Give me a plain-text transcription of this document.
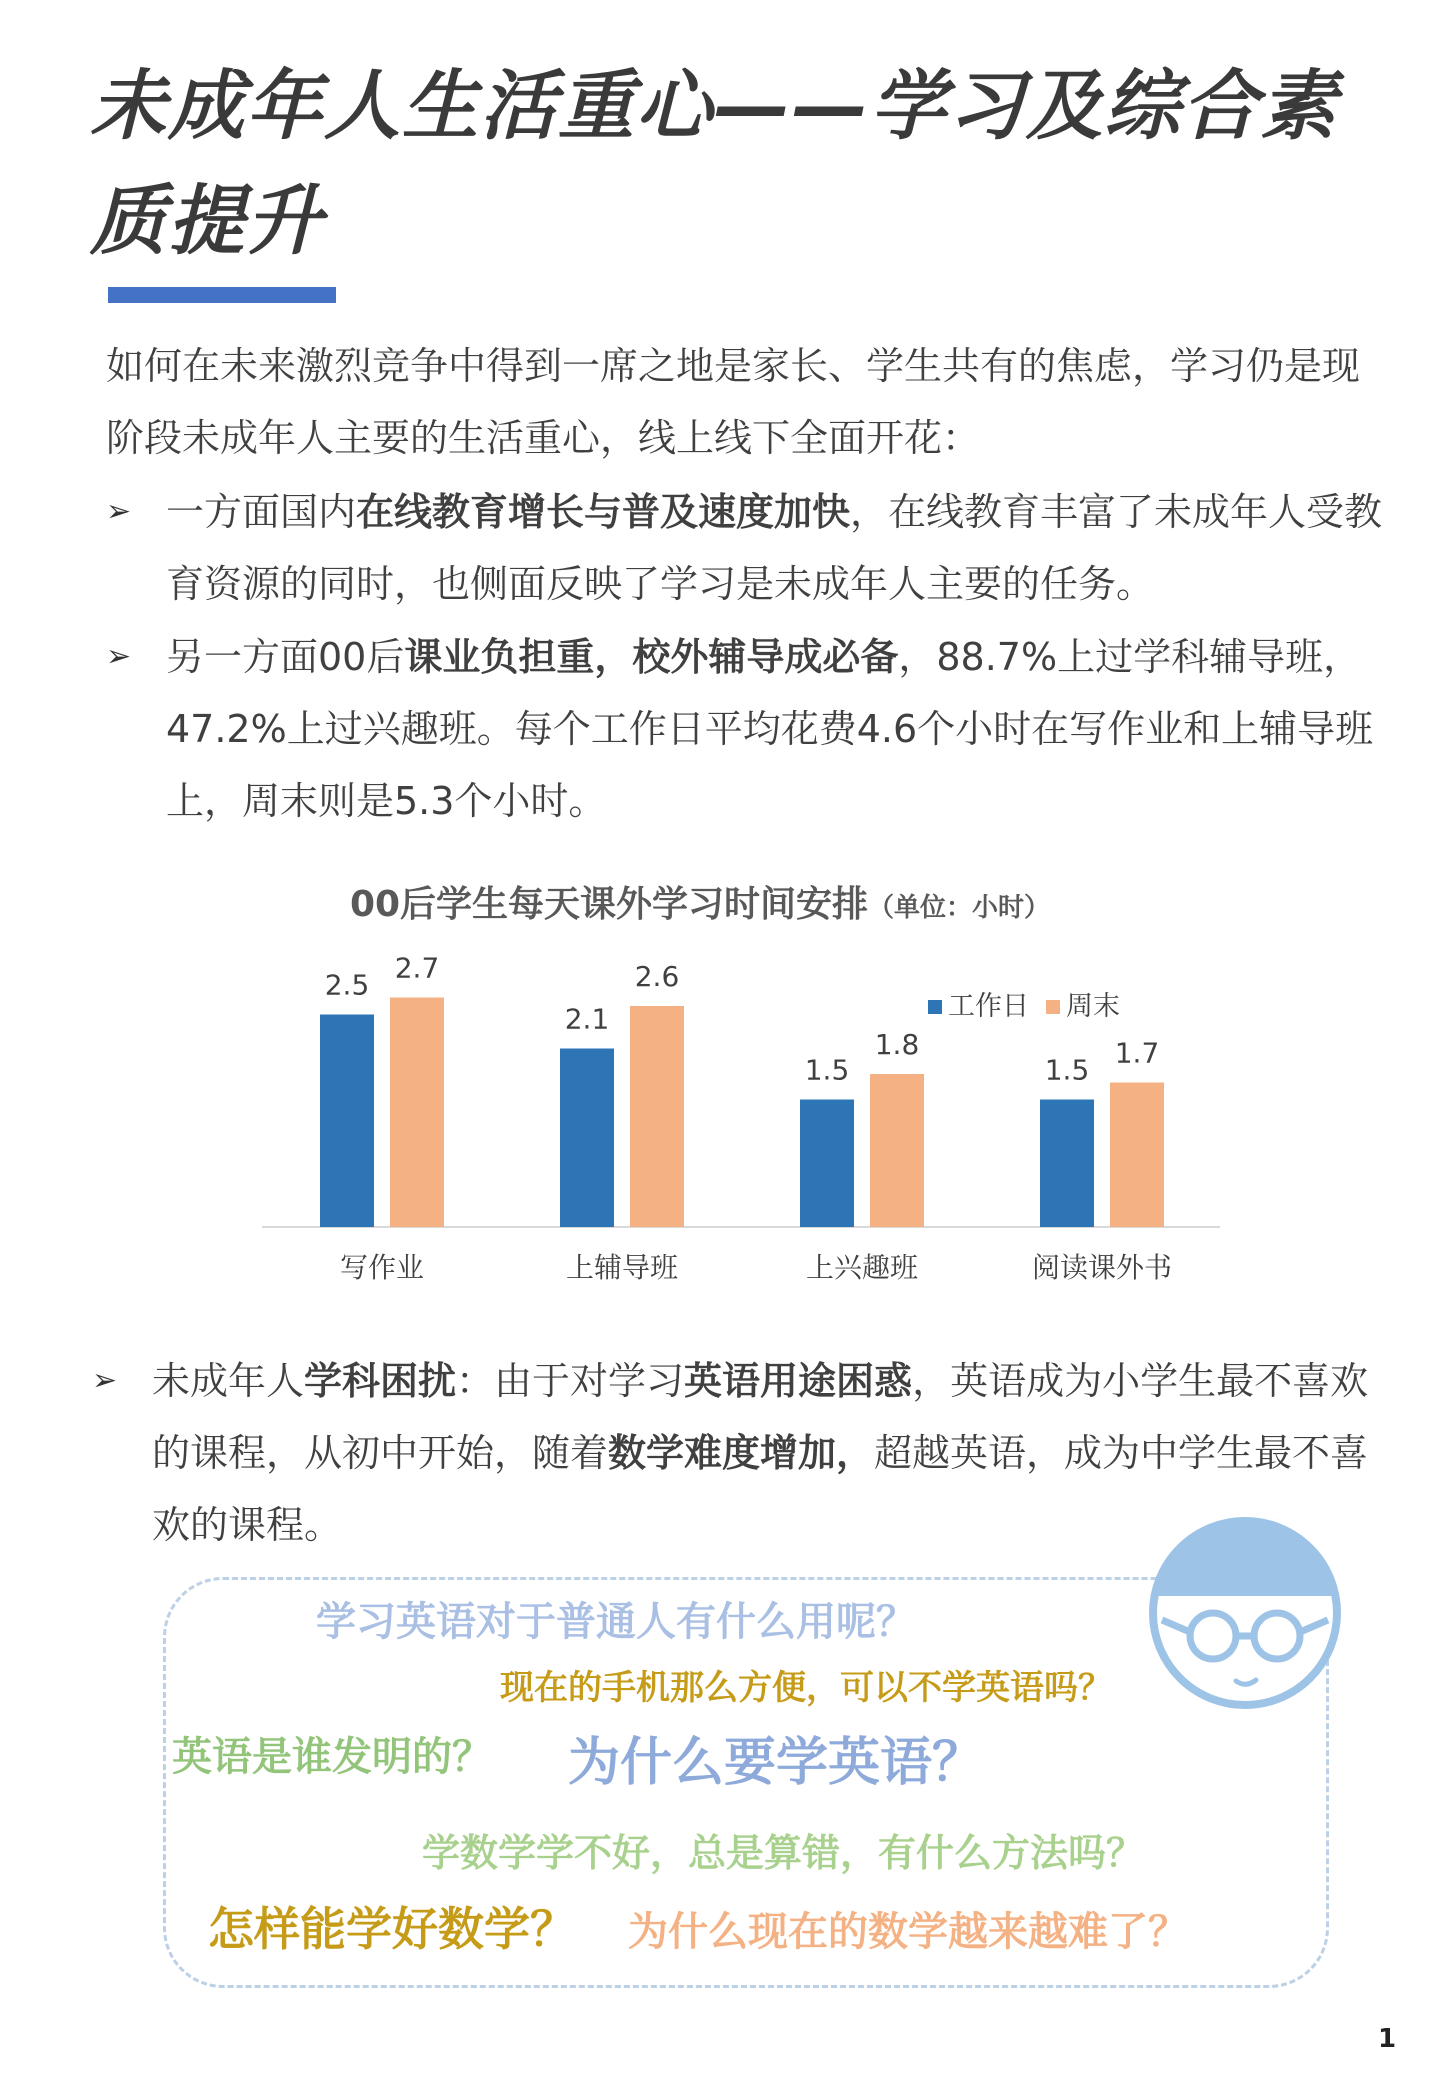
未成年人生活重心——学习及综合素质提升

如何在未来激烈竞争中得到一席之地是家长、学生共有的焦虑，学习仍是现阶段未成年人主要的生活重心，线上线下全面开花：

➢ 一方面国内在线教育增长与普及速度加快，在线教育丰富了未成年人受教育资源的同时，也侧面反映了学习是未成年人主要的任务。
➢ 另一方面00后课业负担重，校外辅导成必备，88.7%上过学科辅导班，47.2%上过兴趣班。每个工作日平均花费4.6个小时在写作业和上辅导班上，周末则是5.3个小时。
00后学生每天课外学习时间安排（单位：小时）
2.5
2.7
写作业
2.1
2.6
上辅导班
1.5
1.8
上兴趣班
1.5
1.7
阅读课外书
工作日 周末
➢ 未成年人学科困扰：由于对学习英语用途困惑，英语成为小学生最不喜欢的课程，从初中开始，随着数学难度增加，超越英语，成为中学生最不喜欢的课程。
学习英语对于普通人有什么用呢？
现在的手机那么方便，可以不学英语吗？
英语是谁发明的？ 为什么要学英语？
学数学学不好，总是算错，有什么方法吗？
怎样能学好数学？ 为什么现在的数学越来越难了？
1
